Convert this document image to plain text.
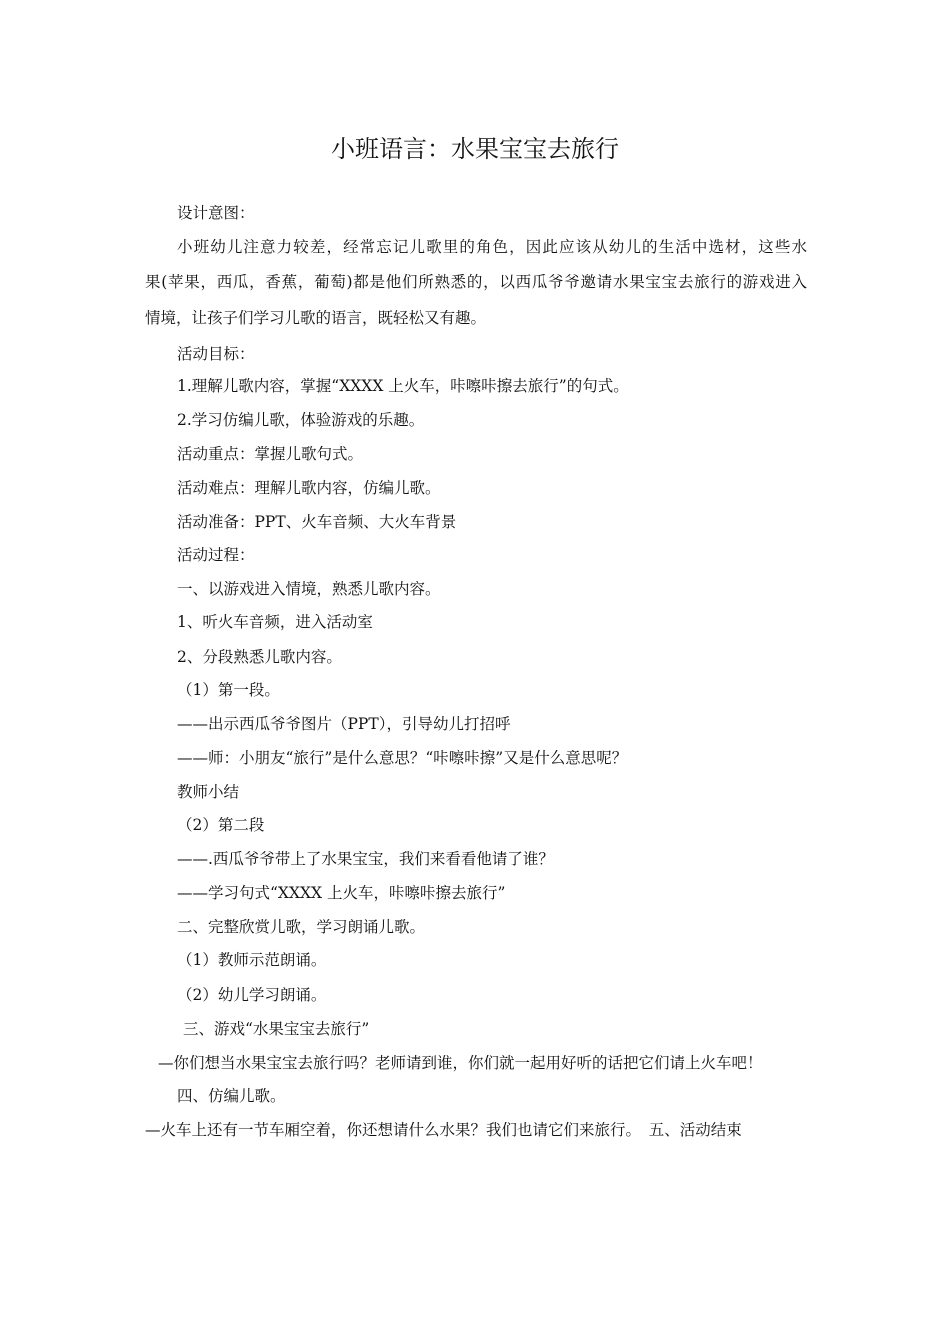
小班语言：水果宝宝去旅行
设计意图：
小班幼儿注意力较差，经常忘记儿歌里的角色，因此应该从幼儿的生活中选材，这些水
果(苹果，西瓜，香蕉，葡萄)都是他们所熟悉的，以西瓜爷爷邀请水果宝宝去旅行的游戏进入
情境，让孩子们学习儿歌的语言，既轻松又有趣。
活动目标：
1.理解儿歌内容，掌握“XXXX 上火车，咔嚓咔擦去旅行”的句式。
2.学习仿编儿歌，体验游戏的乐趣。
活动重点：掌握儿歌句式。
活动难点：理解儿歌内容，仿编儿歌。
活动准备：PPT、火车音频、大火车背景
活动过程：
一、以游戏进入情境，熟悉儿歌内容。
1、听火车音频，进入活动室
2、分段熟悉儿歌内容。
（1）第一段。
——出示西瓜爷爷图片（PPT），引导幼儿打招呼
——师：小朋友“旅行”是什么意思？“咔嚓咔擦”又是什么意思呢？
教师小结
（2）第二段
——.西瓜爷爷带上了水果宝宝，我们来看看他请了谁？
——学习句式“XXXX 上火车，咔嚓咔擦去旅行”
二、完整欣赏儿歌，学习朗诵儿歌。
（1）教师示范朗诵。
（2）幼儿学习朗诵。
三、游戏“水果宝宝去旅行”
—你们想当水果宝宝去旅行吗？老师请到谁，你们就一起用好听的话把它们请上火车吧！
四、仿编儿歌。
—火车上还有一节车厢空着，你还想请什么水果？我们也请它们来旅行。　五、活动结束
